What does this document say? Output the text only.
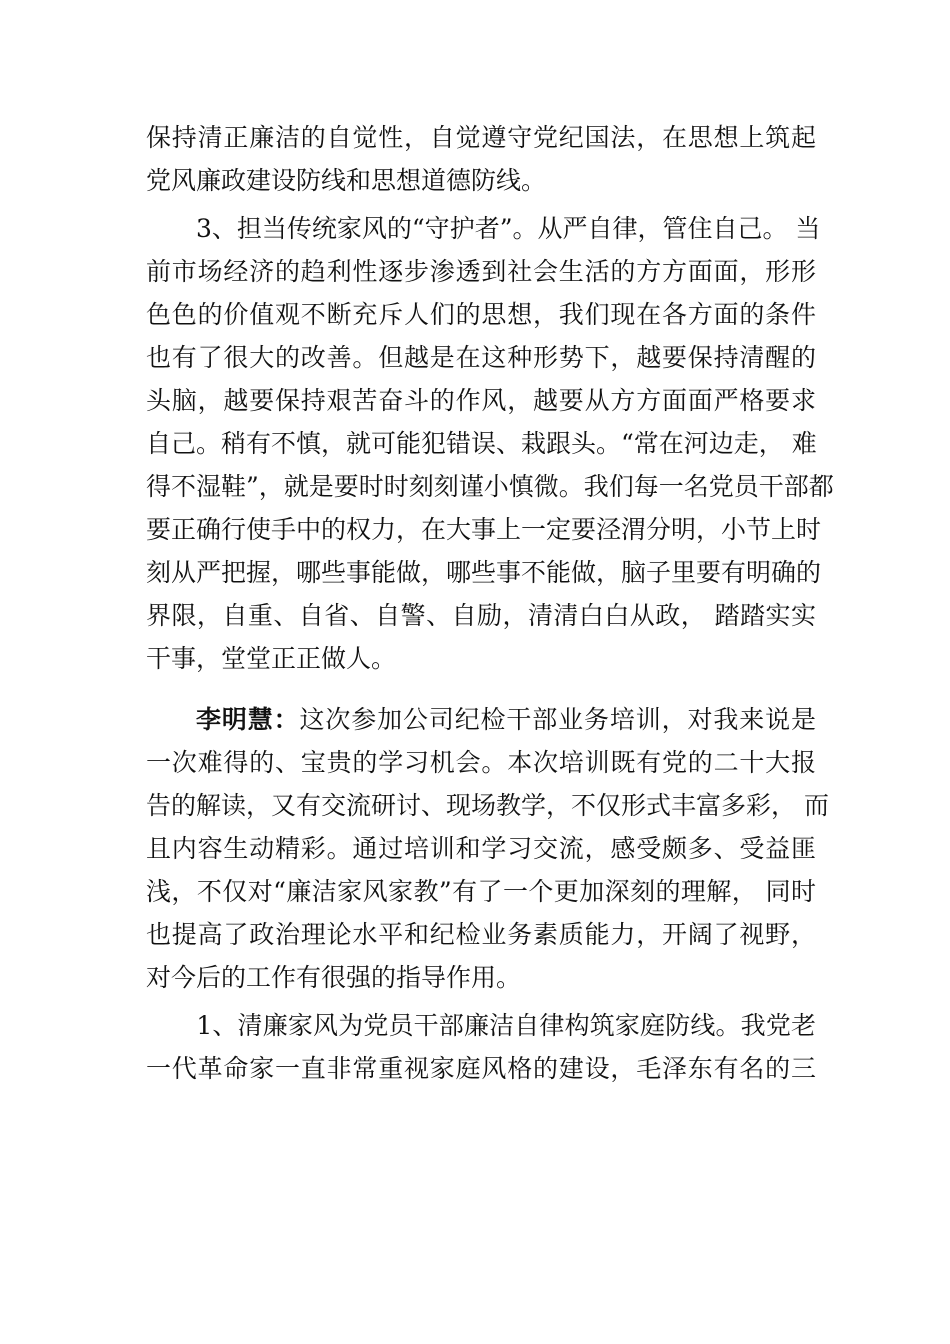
保持清正廉洁的自觉性，自觉遵守党纪国法，在思想上筑起
党风廉政建设防线和思想道德防线。
　　3、担当传统家风的“守护者”。从严自律，管住自己。 当
前市场经济的趋利性逐步渗透到社会生活的方方面面，形形
色色的价值观不断充斥人们的思想，我们现在各方面的条件
也有了很大的改善。但越是在这种形势下，越要保持清醒的
头脑，越要保持艰苦奋斗的作风，越要从方方面面严格要求
自己。稍有不慎，就可能犯错误、栽跟头。“常在河边走， 难
得不湿鞋”，就是要时时刻刻谨小慎微。我们每一名党员干部都
要正确行使手中的权力，在大事上一定要泾渭分明，小节上时
刻从严把握，哪些事能做，哪些事不能做，脑子里要有明确的
界限，自重、自省、自警、自励，清清白白从政， 踏踏实实
干事，堂堂正正做人。
李明慧：这次参加公司纪检干部业务培训，对我来说是
一次难得的、宝贵的学习机会。本次培训既有党的二十大报
告的解读，又有交流研讨、现场教学，不仅形式丰富多彩， 而
且内容生动精彩。通过培训和学习交流，感受颇多、受益匪
浅，不仅对“廉洁家风家教”有了一个更加深刻的理解， 同时
也提高了政治理论水平和纪检业务素质能力，开阔了视野，
对今后的工作有很强的指导作用。
　　1、清廉家风为党员干部廉洁自律构筑家庭防线。我党老
一代革命家一直非常重视家庭风格的建设，毛泽东有名的三
